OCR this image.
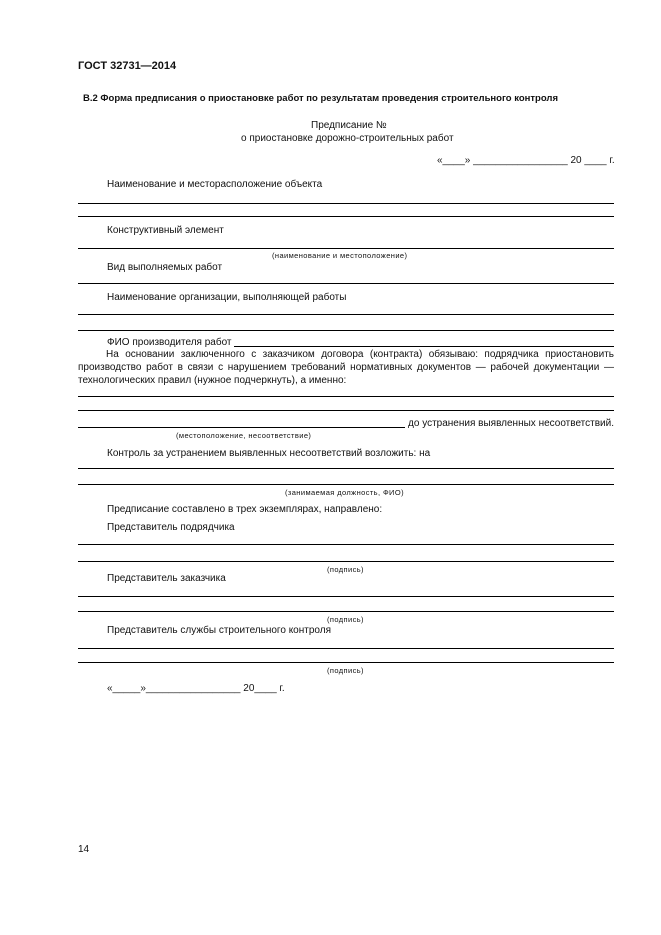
ГОСТ 32731—2014
В.2 Форма предписания о приостановке работ по результатам проведения строительного контроля
Предписание №
о приостановке дорожно-строительных работ
«____» _________________ 20 ____ г.
Наименование и месторасположение объекта
Конструктивный элемент
(наименование и местоположение)
Вид выполняемых работ
Наименование организации, выполняющей работы
ФИО производителя работ
На основании заключенного с заказчиком договора (контракта) обязываю: подрядчика приостановить производство работ в связи с нарушением требований нормативных документов — рабочей документации — технологических правил (нужное подчеркнуть), а именно:
до устранения выявленных несоответствий.
(местоположение, несоответствие)
Контроль за устранением выявленных несоответствий возложить: на
(занимаемая должность, ФИО)
Предписание составлено в трех экземплярах, направлено:
Представитель подрядчика
(подпись)
Представитель заказчика
(подпись)
Представитель службы строительного контроля
(подпись)
«_____»_________________ 20____ г.
14
